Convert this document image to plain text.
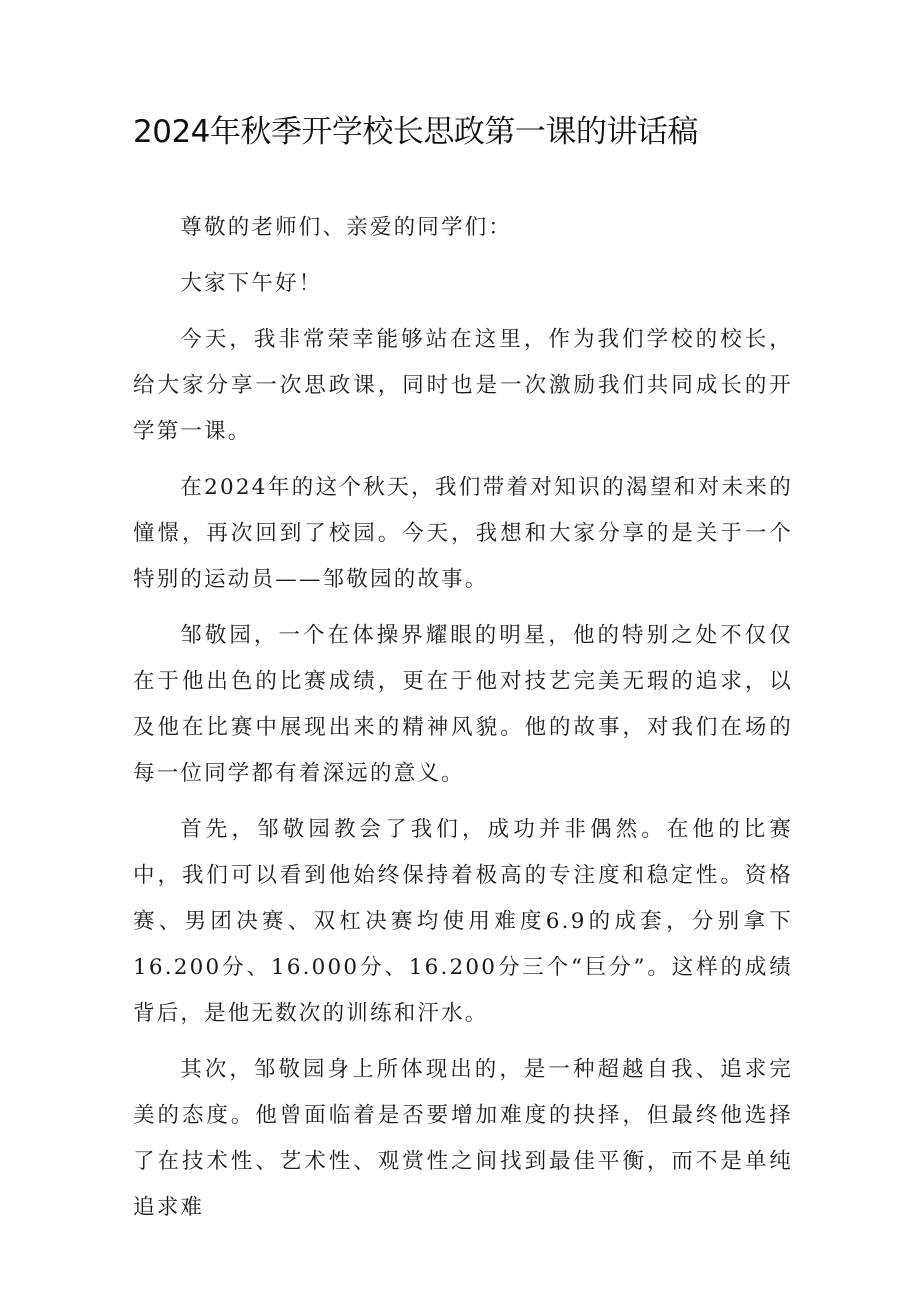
2024年秋季开学校长思政第一课的讲话稿

尊敬的老师们、亲爱的同学们：

大家下午好！

今天，我非常荣幸能够站在这里，作为我们学校的校长，给大家分享一次思政课，同时也是一次激励我们共同成长的开学第一课。

在2024年的这个秋天，我们带着对知识的渴望和对未来的憧憬，再次回到了校园。今天，我想和大家分享的是关于一个特别的运动员——邹敬园的故事。

邹敬园，一个在体操界耀眼的明星，他的特别之处不仅仅在于他出色的比赛成绩，更在于他对技艺完美无瑕的追求，以及他在比赛中展现出来的精神风貌。他的故事，对我们在场的每一位同学都有着深远的意义。

首先，邹敬园教会了我们，成功并非偶然。在他的比赛中，我们可以看到他始终保持着极高的专注度和稳定性。资格赛、男团决赛、双杠决赛均使用难度6.9的成套，分别拿下16.200分、16.000分、16.200分三个“巨分”。这样的成绩背后，是他无数次的训练和汗水。

其次，邹敬园身上所体现出的，是一种超越自我、追求完美的态度。他曾面临着是否要增加难度的抉择，但最终他选择了在技术性、艺术性、观赏性之间找到最佳平衡，而不是单纯追求难
